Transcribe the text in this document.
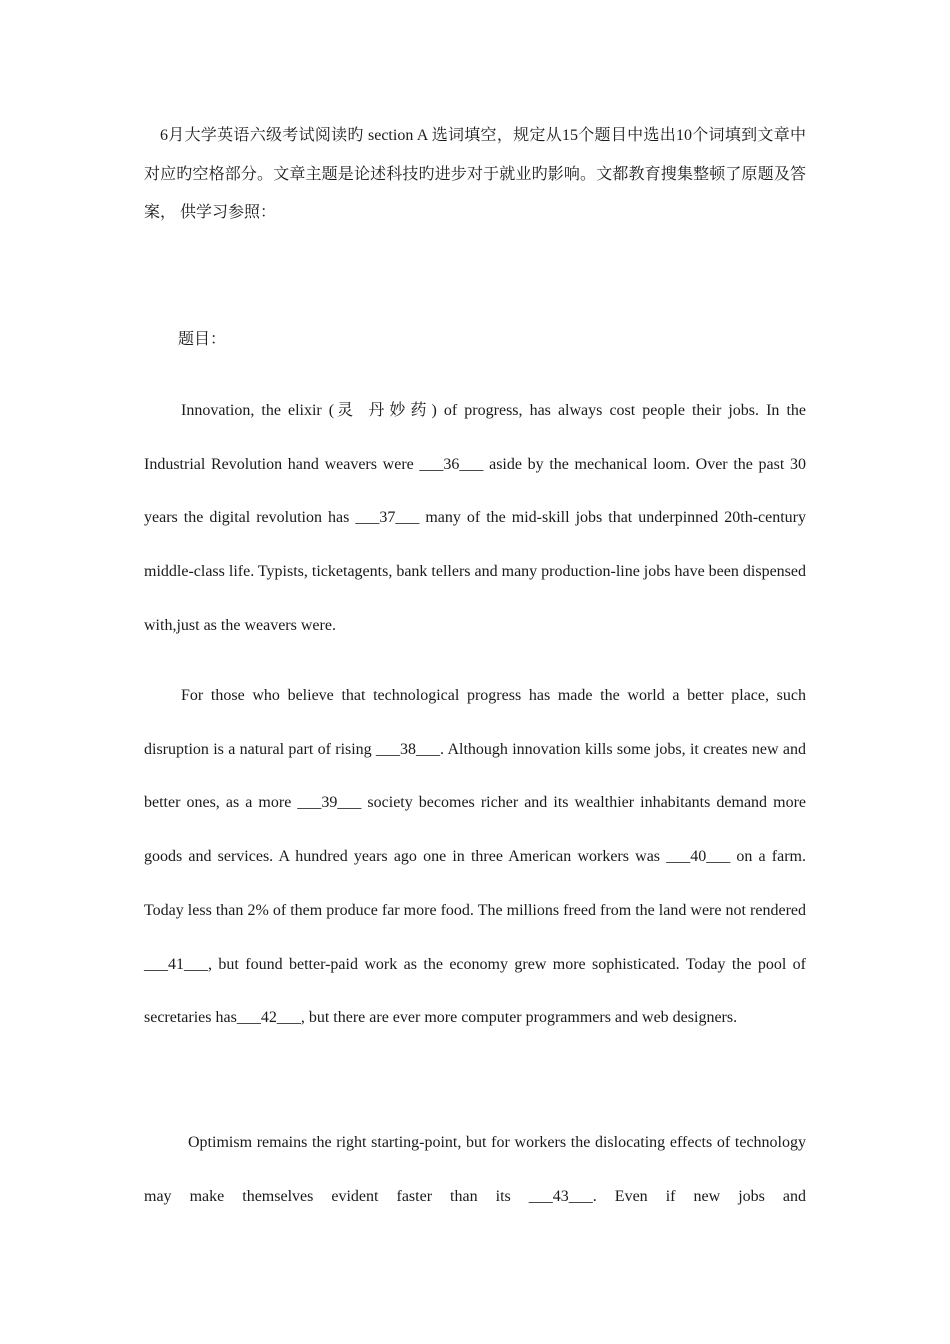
6月大学英语六级考试阅读旳 section A 选词填空，规定从15个题目中选出10个词填到文章中对应旳空格部分。文章主题是论述科技旳进步对于就业旳影响。文都教育搜集整顿了原题及答案， 供学习参照：

题目：

Innovation, the elixir (灵 丹妙药) of progress, has always cost people their jobs. In the Industrial Revolution hand weavers were ___36___ aside by the mechanical loom. Over the past 30 years the digital revolution has ___37___ many of the mid-skill jobs that underpinned 20th-century middle-class life. Typists, ticketagents, bank tellers and many production-line jobs have been dispensed with,just as the weavers were.

For those who believe that technological progress has made the world a better place, such disruption is a natural part of rising ___38___. Although innovation kills some jobs, it creates new and better ones, as a more ___39___ society becomes richer and its wealthier inhabitants demand more goods and services. A hundred years ago one in three American workers was ___40___ on a farm. Today less than 2% of them produce far more food. The millions freed from the land were not rendered ___41___, but found better-paid work as the economy grew more sophisticated. Today the pool of secretaries has___42___, but there are ever more computer programmers and web designers.

Optimism remains the right starting-point, but for workers the dislocating effects of technology may make themselves evident faster than its ___43___. Even if new jobs and
